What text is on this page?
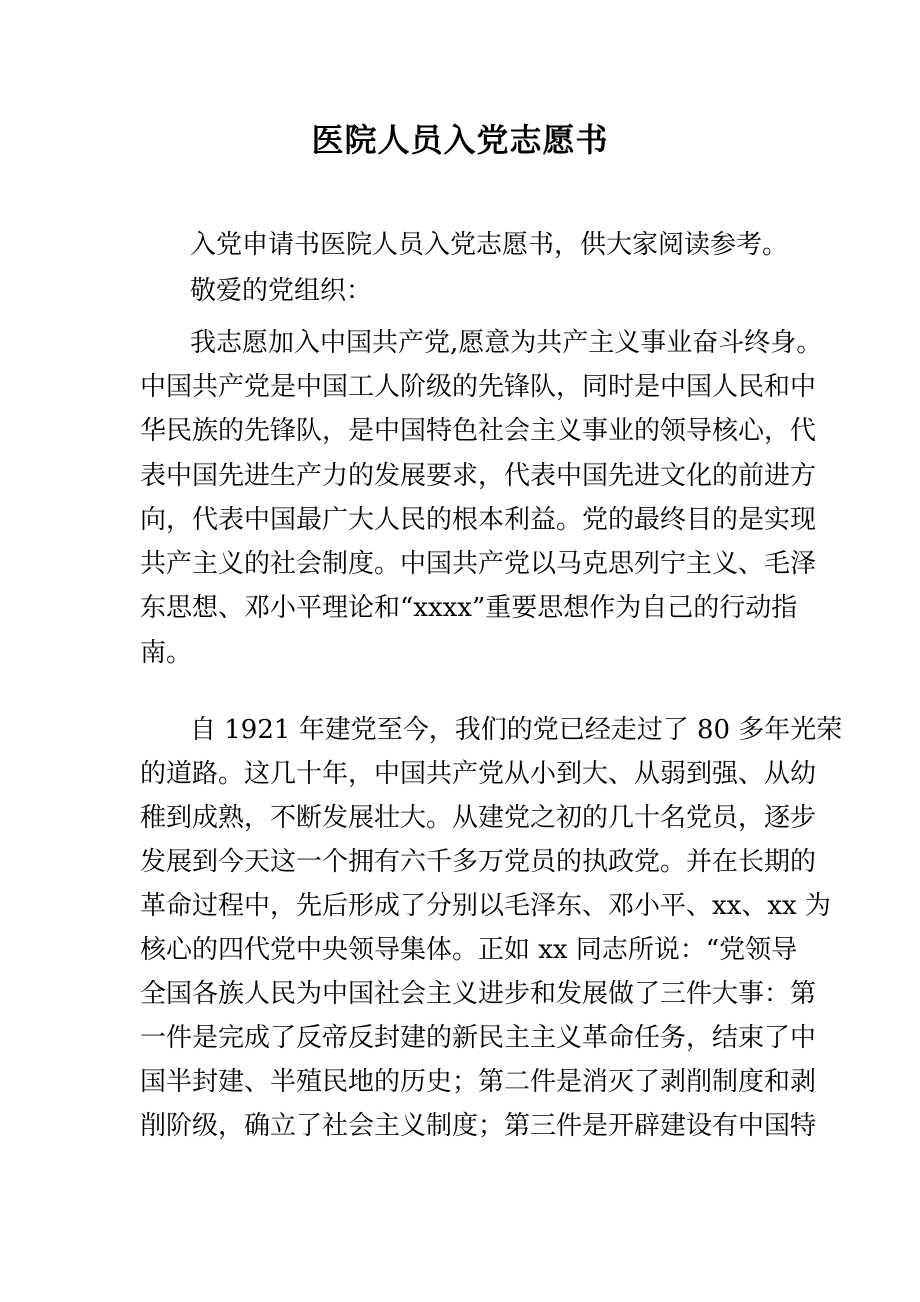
医院人员入党志愿书
入党申请书医院人员入党志愿书，供大家阅读参考。
敬爱的党组织：
我志愿加入中国共产党,愿意为共产主义事业奋斗终身。
中国共产党是中国工人阶级的先锋队，同时是中国人民和中
华民族的先锋队，是中国特色社会主义事业的领导核心，代
表中国先进生产力的发展要求，代表中国先进文化的前进方
向，代表中国最广大人民的根本利益。党的最终目的是实现
共产主义的社会制度。中国共产党以马克思列宁主义、毛泽
东思想、邓小平理论和“xxxx”重要思想作为自己的行动指
南。
自 1921 年建党至今，我们的党已经走过了 80 多年光荣
的道路。这几十年，中国共产党从小到大、从弱到强、从幼
稚到成熟，不断发展壮大。从建党之初的几十名党员，逐步
发展到今天这一个拥有六千多万党员的执政党。并在长期的
革命过程中，先后形成了分别以毛泽东、邓小平、xx、xx 为
核心的四代党中央领导集体。正如 xx 同志所说：“党领导
全国各族人民为中国社会主义进步和发展做了三件大事：第
一件是完成了反帝反封建的新民主主义革命任务，结束了中
国半封建、半殖民地的历史；第二件是消灭了剥削制度和剥
削阶级，确立了社会主义制度；第三件是开辟建设有中国特
